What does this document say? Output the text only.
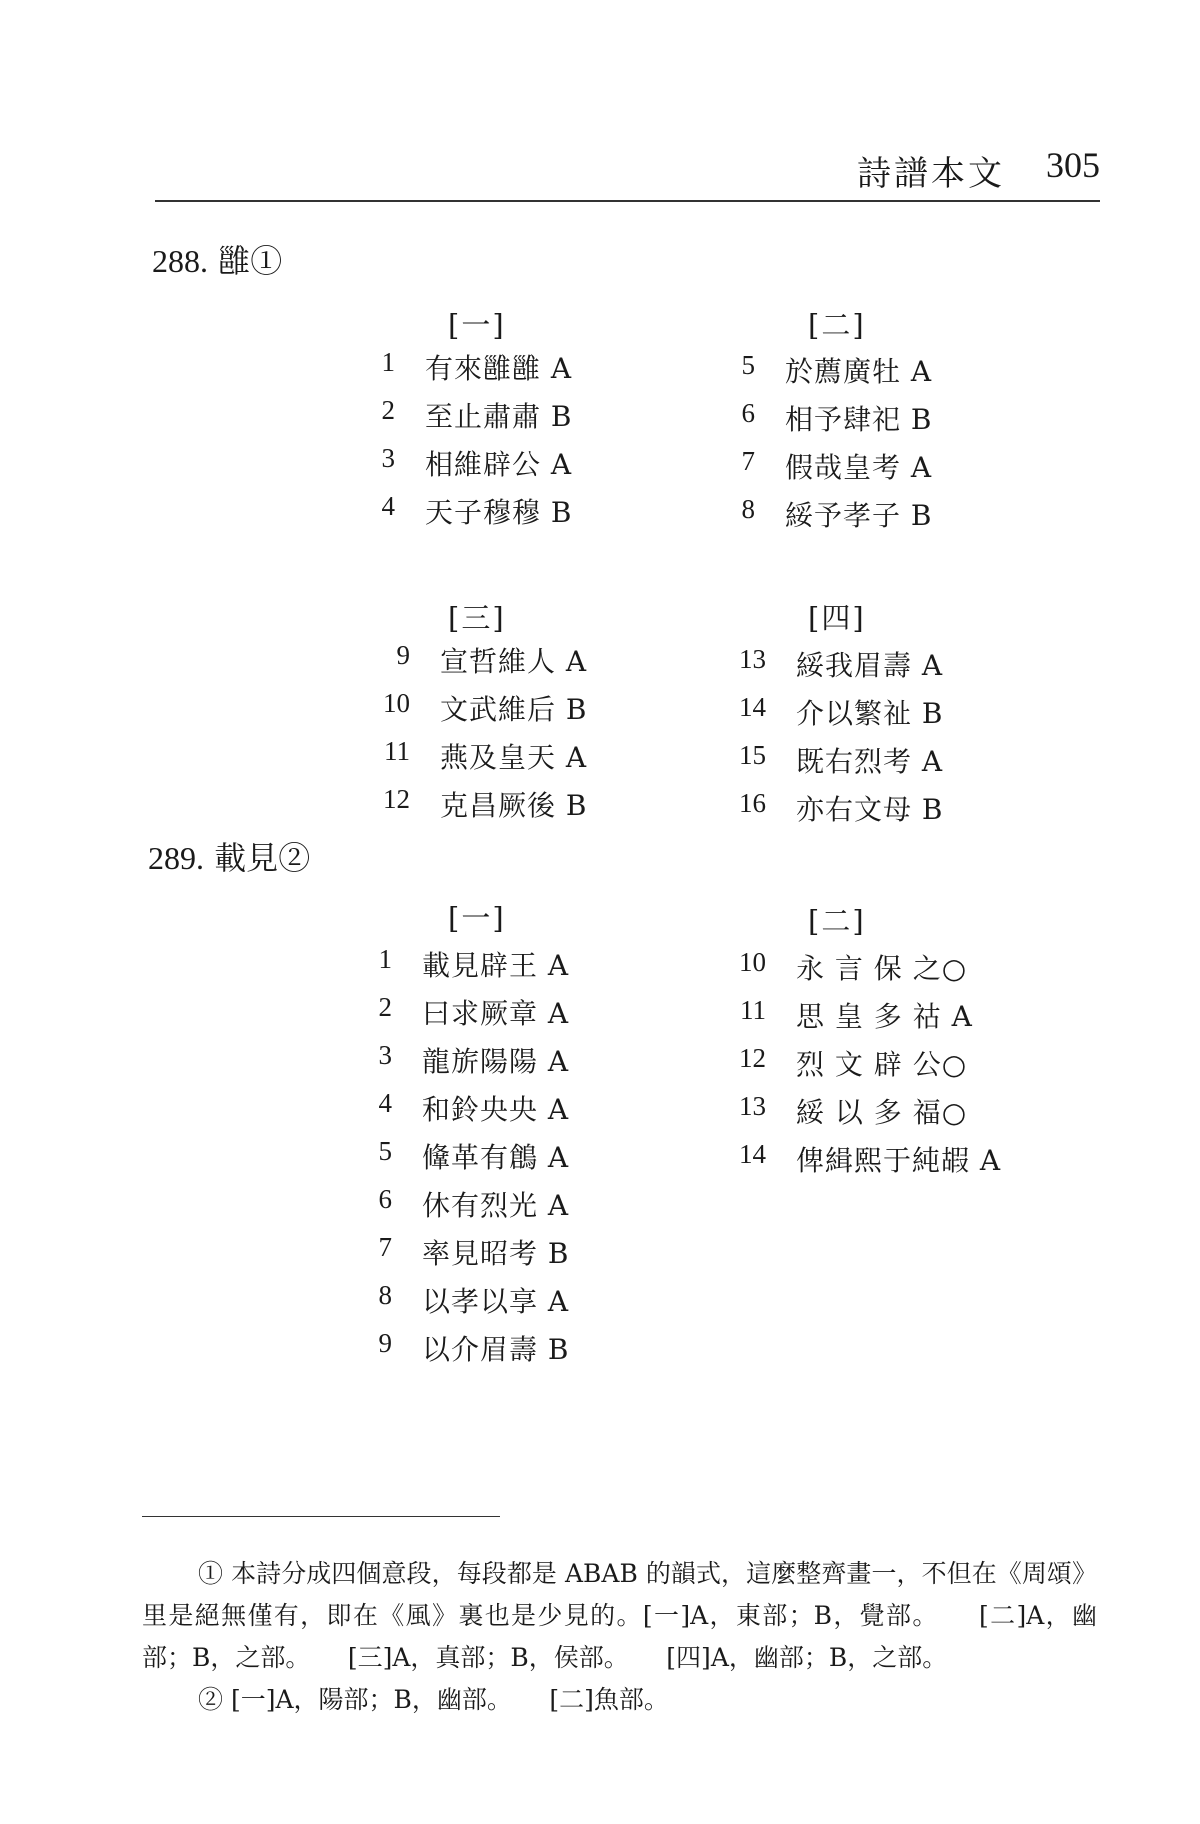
詩譜本文 305
288. 雝①
[一]
1 有來雝雝 A
2 至止肅肅 B
3 相維辟公 A
4 天子穆穆 B
[二]
5 於薦廣牡 A
6 相予肆祀 B
7 假哉皇考 A
8 綏予孝子 B
[三]
9 宣哲維人 A
10 文武維后 B
11 燕及皇天 A
12 克昌厥後 B
[四]
13 綏我眉壽 A
14 介以繁祉 B
15 既右烈考 A
16 亦右文母 B
289. 載見②
[一]
1 載見辟王 A
2 曰求厥章 A
3 龍旂陽陽 A
4 和鈴央央 A
5 鞗革有鶬 A
6 休有烈光 A
7 率見昭考 B
8 以孝以享 A
9 以介眉壽 B
[二]
10 永 言 保 之○
11 思 皇 多 祜 A
12 烈 文 辟 公○
13 綏 以 多 福○
14 俾緝熙于純嘏 A

① 本詩分成四個意段，每段都是 ABAB 的韻式，這麼整齊畫一，不但在《周頌》里是絕無僅有，即在《風》裏也是少見的。[一]A，東部；B，覺部。　　[二]A，幽部；B，之部。　　[三]A，真部；B，侯部。　　[四]A，幽部；B，之部。

② [一]A，陽部；B，幽部。　　[二]魚部。
